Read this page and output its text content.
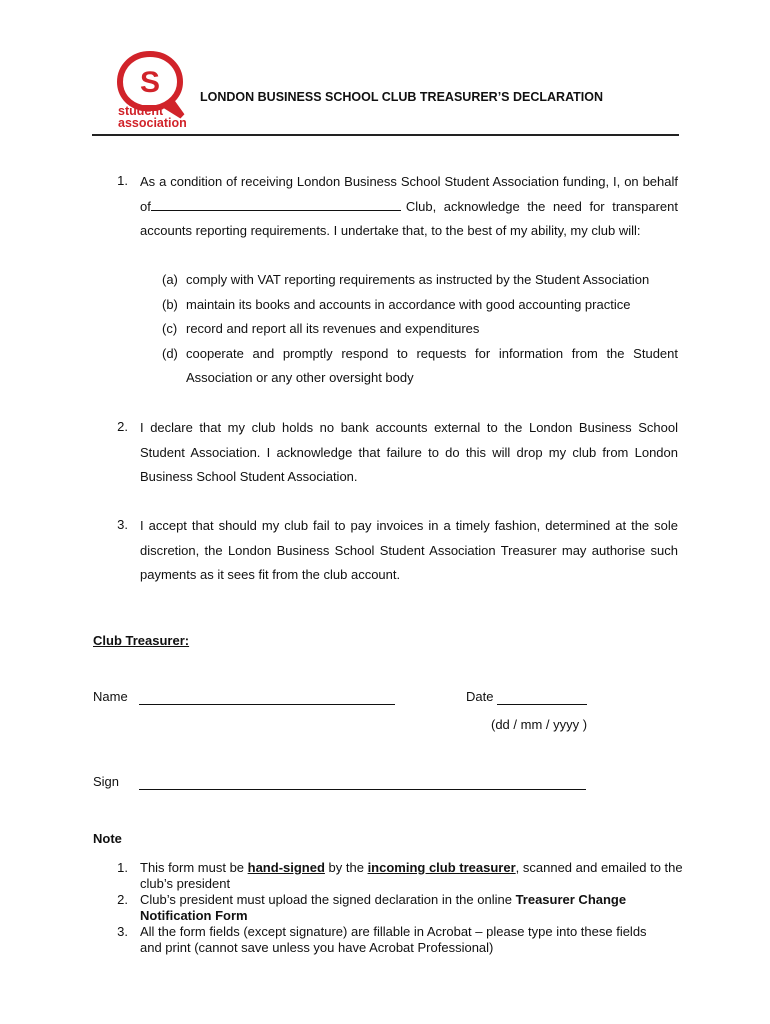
S
student
association
LONDON BUSINESS SCHOOL CLUB TREASURER’S DECLARATION
1. As a condition of receiving London Business School Student Association funding, I, on behalf
of	Club, acknowledge the need for transparent
accounts reporting requirements. I undertake that, to the best of my ability, my club will:
(a) comply with VAT reporting requirements as instructed by the Student Association
(b) maintain its books and accounts in accordance with good accounting practice
(c) record and report all its revenues and expenditures
(d) cooperate and promptly respond to requests for information from the Student
Association or any other oversight body
2. I declare that my club holds no bank accounts external to the London Business School
Student Association. I acknowledge that failure to do this will drop my club from London
Business School Student Association.
3. I accept that should my club fail to pay invoices in a timely fashion, determined at the sole
discretion, the London Business School Student Association Treasurer may authorise such
payments as it sees fit from the club account.
Club Treasurer:
Name	Date
(dd / mm / yyyy )
Sign
Note
1. This form must be hand-signed by the incoming club treasurer, scanned and emailed to the
club’s president
2. Club’s president must upload the signed declaration in the online Treasurer Change
Notification Form
3. All the form fields (except signature) are fillable in Acrobat – please type into these fields
and print (cannot save unless you have Acrobat Professional)
